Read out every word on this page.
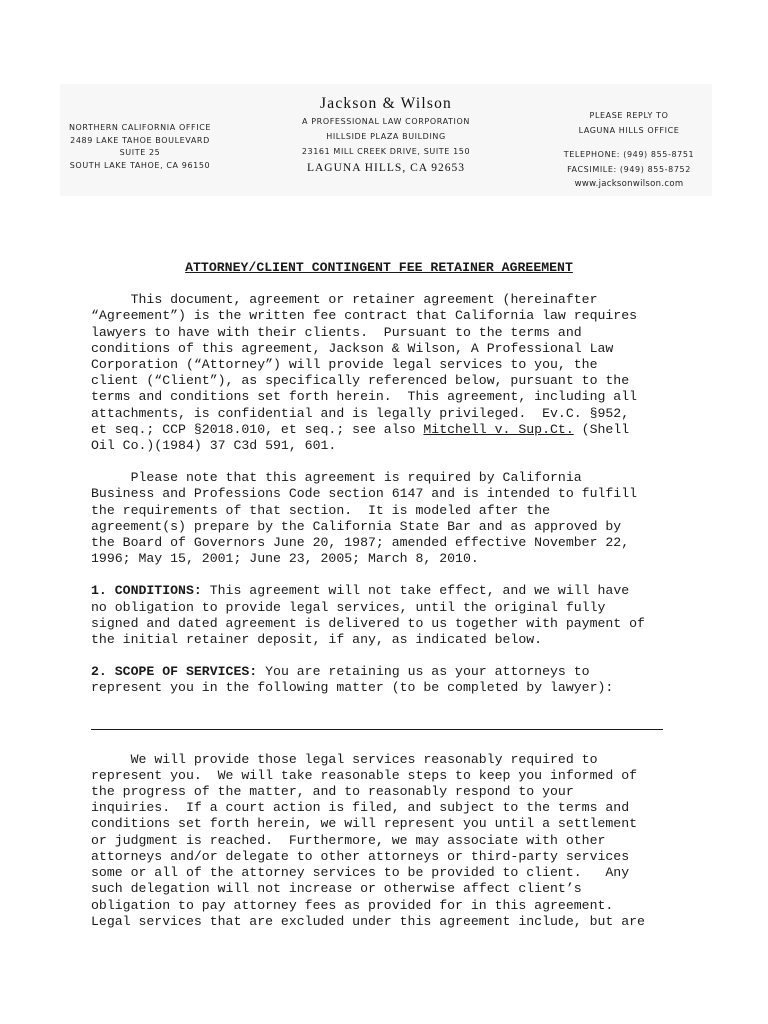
NORTHERN CALIFORNIA OFFICE
2489 LAKE TAHOE BOULEVARD
SUITE 25
SOUTH LAKE TAHOE, CA 96150
Jackson & Wilson
A PROFESSIONAL LAW CORPORATION
HILLSIDE PLAZA BUILDING
23161 MILL CREEK DRIVE, SUITE 150
LAGUNA HILLS, CA 92653
PLEASE REPLY TO
LAGUNA HILLS OFFICE
TELEPHONE: (949) 855-8751
FACSIMILE: (949) 855-8752
www.jacksonwilson.com
ATTORNEY/CLIENT CONTINGENT FEE RETAINER AGREEMENT

This document, agreement or retainer agreement (hereinafter

“Agreement”) is the written fee contract that California law requires

lawyers to have with their clients.  Pursuant to the terms and

conditions of this agreement, Jackson & Wilson, A Professional Law

Corporation (“Attorney”) will provide legal services to you, the

client (“Client”), as specifically referenced below, pursuant to the

terms and conditions set forth herein.  This agreement, including all

attachments, is confidential and is legally privileged.  Ev.C. §952,

et seq.; CCP §2018.010, et seq.; see also Mitchell v. Sup.Ct. (Shell

Oil Co.)(1984) 37 C3d 591, 601.

Please note that this agreement is required by California

Business and Professions Code section 6147 and is intended to fulfill

the requirements of that section.  It is modeled after the

agreement(s) prepare by the California State Bar and as approved by

the Board of Governors June 20, 1987; amended effective November 22,

1996; May 15, 2001; June 23, 2005; March 8, 2010.

1. CONDITIONS: This agreement will not take effect, and we will have

no obligation to provide legal services, until the original fully

signed and dated agreement is delivered to us together with payment of

the initial retainer deposit, if any, as indicated below.

2. SCOPE OF SERVICES: You are retaining us as your attorneys to

represent you in the following matter (to be completed by lawyer):

We will provide those legal services reasonably required to

represent you.  We will take reasonable steps to keep you informed of

the progress of the matter, and to reasonably respond to your

inquiries.  If a court action is filed, and subject to the terms and

conditions set forth herein, we will represent you until a settlement

or judgment is reached.  Furthermore, we may associate with other

attorneys and/or delegate to other attorneys or third-party services

some or all of the attorney services to be provided to client.   Any

such delegation will not increase or otherwise affect client’s

obligation to pay attorney fees as provided for in this agreement.

Legal services that are excluded under this agreement include, but are
